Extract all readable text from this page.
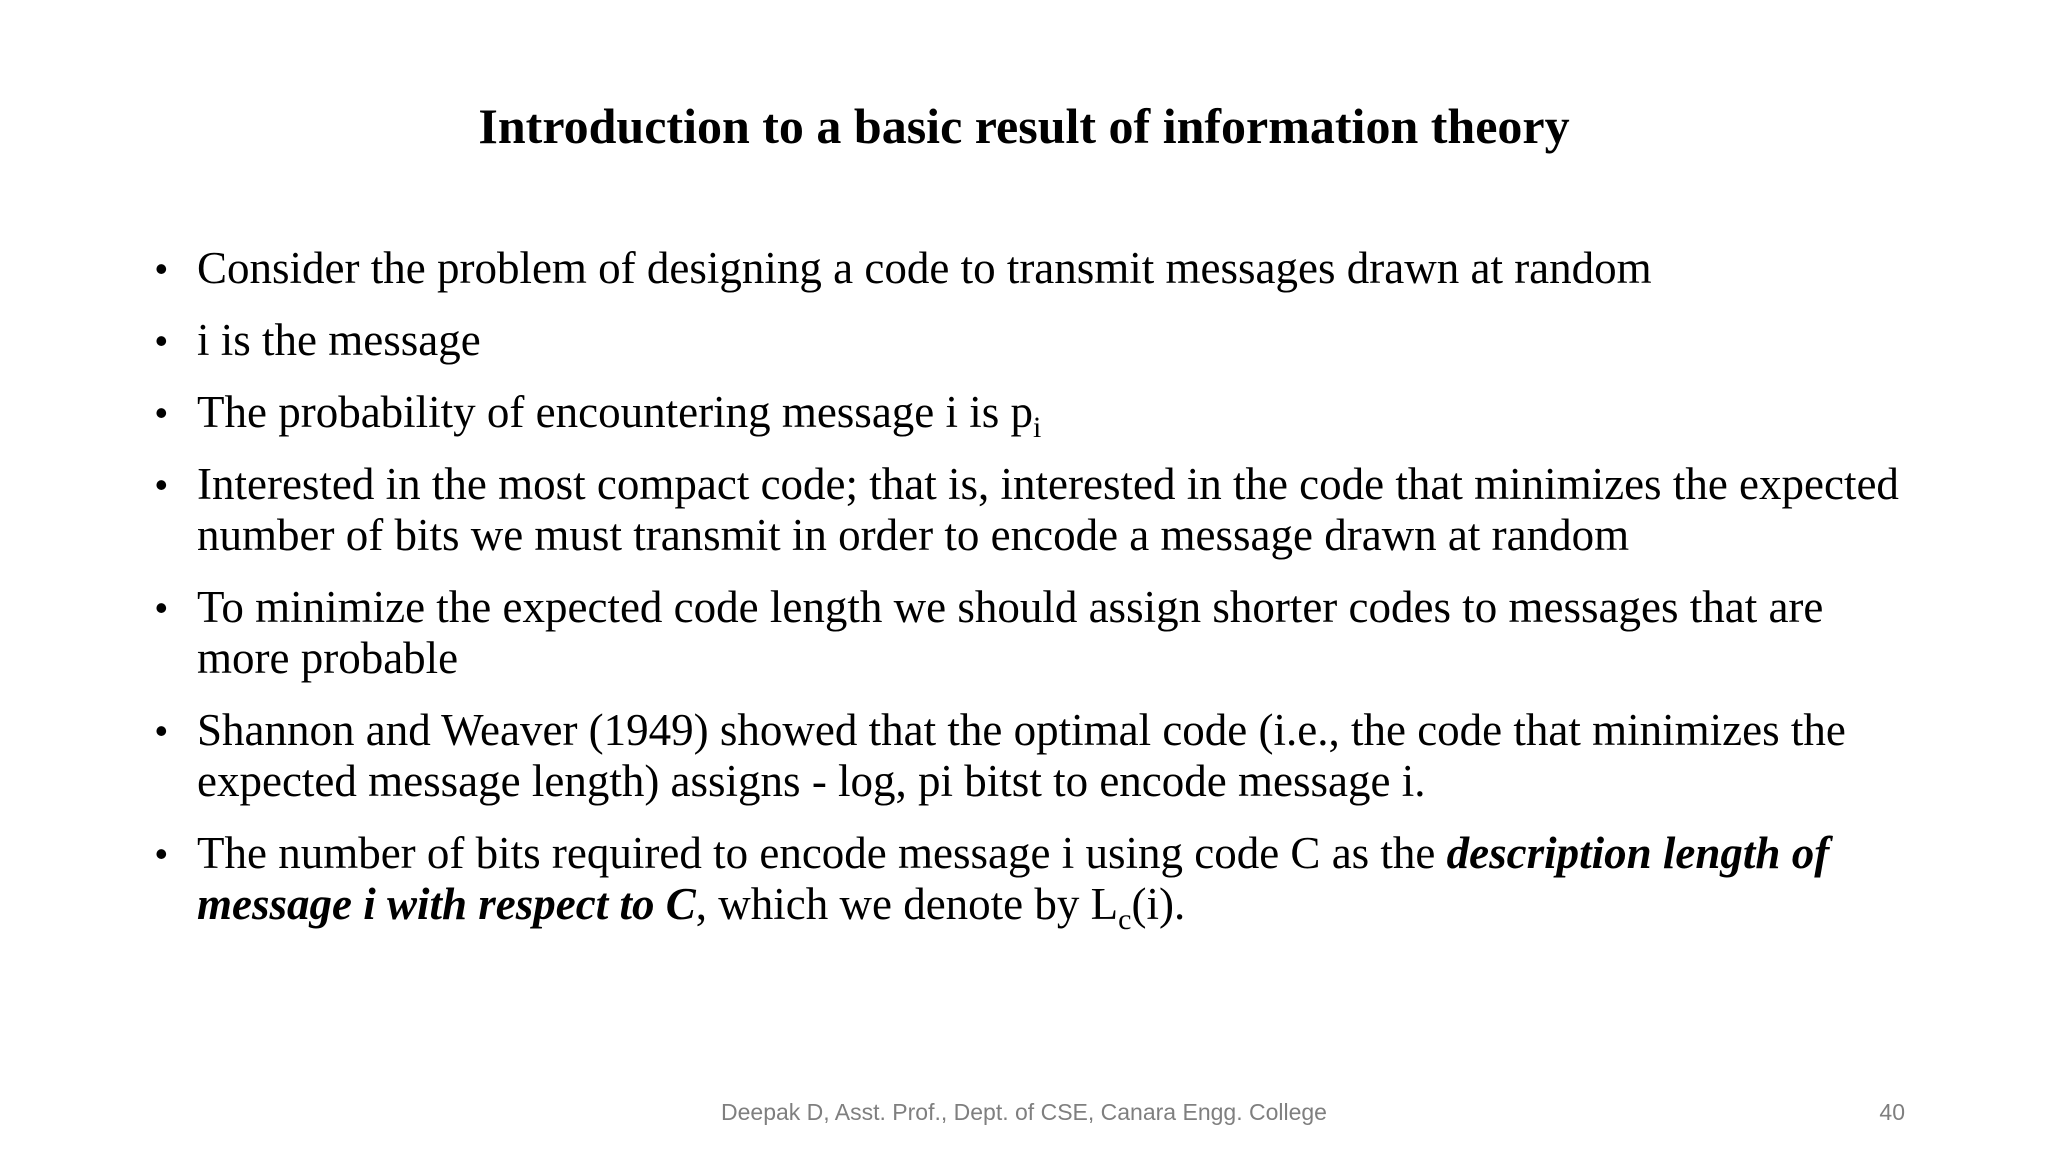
Introduction to a basic result of information theory
• Consider the problem of designing a code to transmit messages drawn at random
• i is the message
• The probability of encountering message i is $p_i$
• Interested in the most compact code; that is, interested in the code that minimizes the expected number of bits we must transmit in order to encode a message drawn at random
• To minimize the expected code length we should assign shorter codes to messages that are more probable
• Shannon and Weaver (1949) showed that the optimal code (i.e., the code that minimizes the expected message length) assigns - log, pi bitst to encode message i.
• The number of bits required to encode message i using code C as the description length of message i with respect to C, which we denote by $L_c(i)$.
Deepak D, Asst. Prof., Dept. of CSE, Canara Engg. College	40
